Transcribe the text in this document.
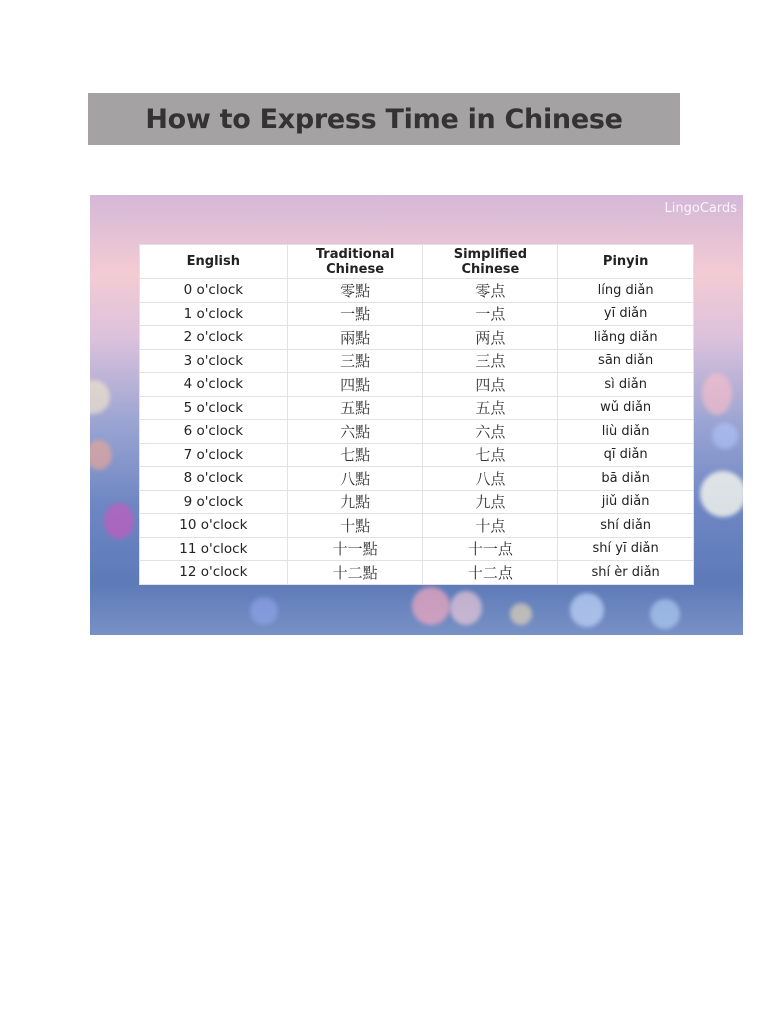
How to Express Time in Chinese
LingoCards
English	Traditional Chinese	Simplified Chinese	Pinyin
0 o'clock	零點	零点	líng diǎn
1 o'clock	一點	一点	yī diǎn
2 o'clock	兩點	两点	liǎng diǎn
3 o'clock	三點	三点	sān diǎn
4 o'clock	四點	四点	sì diǎn
5 o'clock	五點	五点	wǔ diǎn
6 o'clock	六點	六点	liù diǎn
7 o'clock	七點	七点	qī diǎn
8 o'clock	八點	八点	bā diǎn
9 o'clock	九點	九点	jiǔ diǎn
10 o'clock	十點	十点	shí diǎn
11 o'clock	十一點	十一点	shí yī diǎn
12 o'clock	十二點	十二点	shí èr diǎn
